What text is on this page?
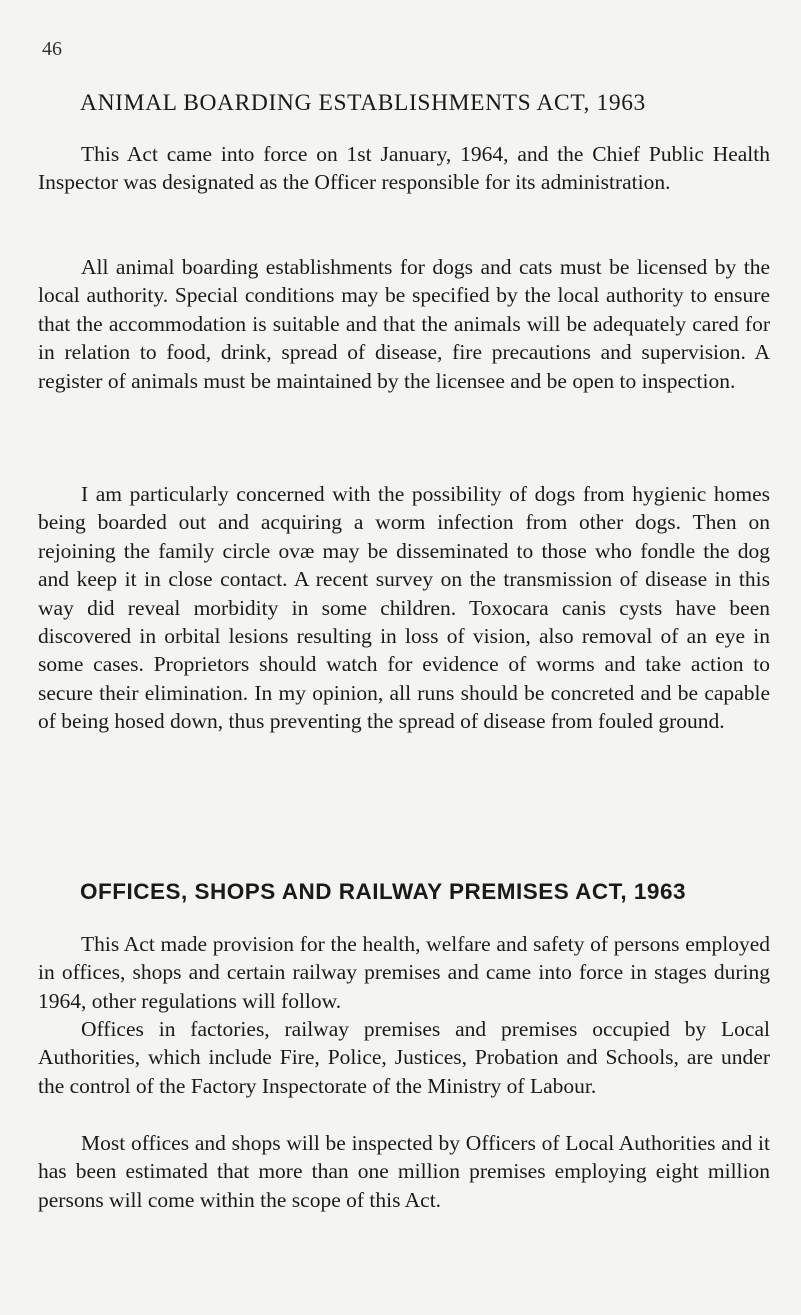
46
ANIMAL BOARDING ESTABLISHMENTS ACT, 1963

This Act came into force on 1st January, 1964, and the Chief Public Health Inspector was designated as the Officer responsible for its administration.

All animal boarding establishments for dogs and cats must be licensed by the local authority. Special conditions may be specified by the local authority to ensure that the accommodation is suitable and that the animals will be adequately cared for in relation to food, drink, spread of disease, fire precautions and supervision. A register of animals must be maintained by the licensee and be open to inspection.

I am particularly concerned with the possibility of dogs from hygienic homes being boarded out and acquiring a worm infection from other dogs. Then on rejoining the family circle ovæ may be disseminated to those who fondle the dog and keep it in close contact. A recent survey on the transmission of disease in this way did reveal morbidity in some children. Toxocara canis cysts have been discovered in orbital lesions resulting in loss of vision, also removal of an eye in some cases. Proprietors should watch for evidence of worms and take action to secure their elimination. In my opinion, all runs should be concreted and be capable of being hosed down, thus preventing the spread of disease from fouled ground.

OFFICES, SHOPS AND RAILWAY PREMISES ACT, 1963

This Act made provision for the health, welfare and safety of persons employed in offices, shops and certain railway premises and came into force in stages during 1964, other regulations will follow.

Offices in factories, railway premises and premises occupied by Local Authorities, which include Fire, Police, Justices, Probation and Schools, are under the control of the Factory Inspectorate of the Ministry of Labour.

Most offices and shops will be inspected by Officers of Local Authorities and it has been estimated that more than one million premises employing eight million persons will come within the scope of this Act.
